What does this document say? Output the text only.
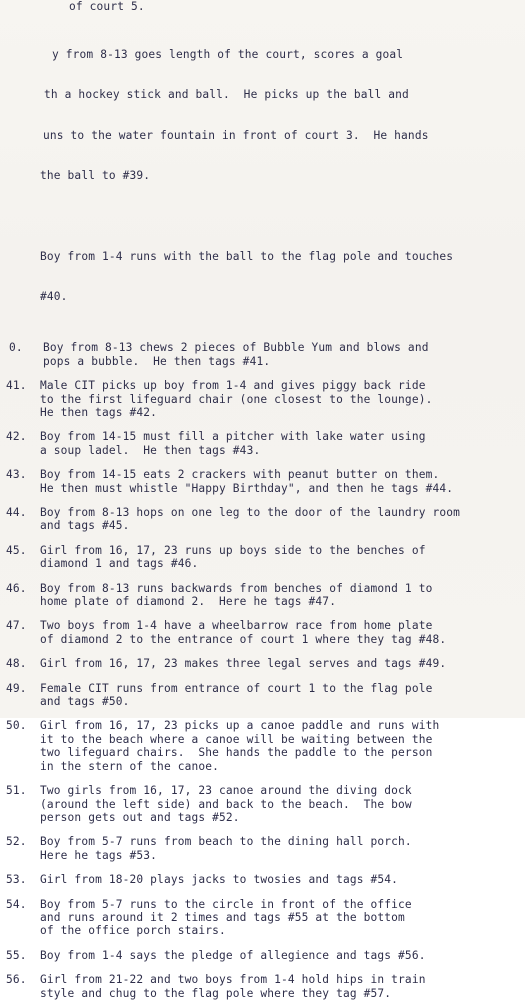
of court 5.

y from 8-13 goes length of the court, scores a goal

th a hockey stick and ball.  He picks up the ball and

uns to the water fountain in front of court 3.  He hands

the ball to #39.

Boy from 1-4 runs with the ball to the flag pole and touches

#40.

0.	Boy from 8-13 chews 2 pieces of Bubble Yum and blows and
pops a bubble.  He then tags #41.
41.	Male CIT picks up boy from 1-4 and gives piggy back ride
to the first lifeguard chair (one closest to the lounge).
He then tags #42.
42.	Boy from 14-15 must fill a pitcher with lake water using
a soup ladel.  He then tags #43.
43.	Boy from 14-15 eats 2 crackers with peanut butter on them.
He then must whistle "Happy Birthday", and then he tags #44.
44.	Boy from 8-13 hops on one leg to the door of the laundry room
and tags #45.
45.	Girl from 16, 17, 23 runs up boys side to the benches of
diamond 1 and tags #46.
46.	Boy from 8-13 runs backwards from benches of diamond 1 to
home plate of diamond 2.  Here he tags #47.
47.	Two boys from 1-4 have a wheelbarrow race from home plate
of diamond 2 to the entrance of court 1 where they tag #48.
48.	Girl from 16, 17, 23 makes three legal serves and tags #49.
49.	Female CIT runs from entrance of court 1 to the flag pole
and tags #50.
50.	Girl from 16, 17, 23 picks up a canoe paddle and runs with
it to the beach where a canoe will be waiting between the
two lifeguard chairs.  She hands the paddle to the person
in the stern of the canoe.
51.	Two girls from 16, 17, 23 canoe around the diving dock
(around the left side) and back to the beach.  The bow
person gets out and tags #52.
52.	Boy from 5-7 runs from beach to the dining hall porch.
Here he tags #53.
53.	Girl from 18-20 plays jacks to twosies and tags #54.
54.	Boy from 5-7 runs to the circle in front of the office
and runs around it 2 times and tags #55 at the bottom
of the office porch stairs.
55.	Boy from 1-4 says the pledge of allegience and tags #56.
56.	Girl from 21-22 and two boys from 1-4 hold hips in train
style and chug to the flag pole where they tag #57.
